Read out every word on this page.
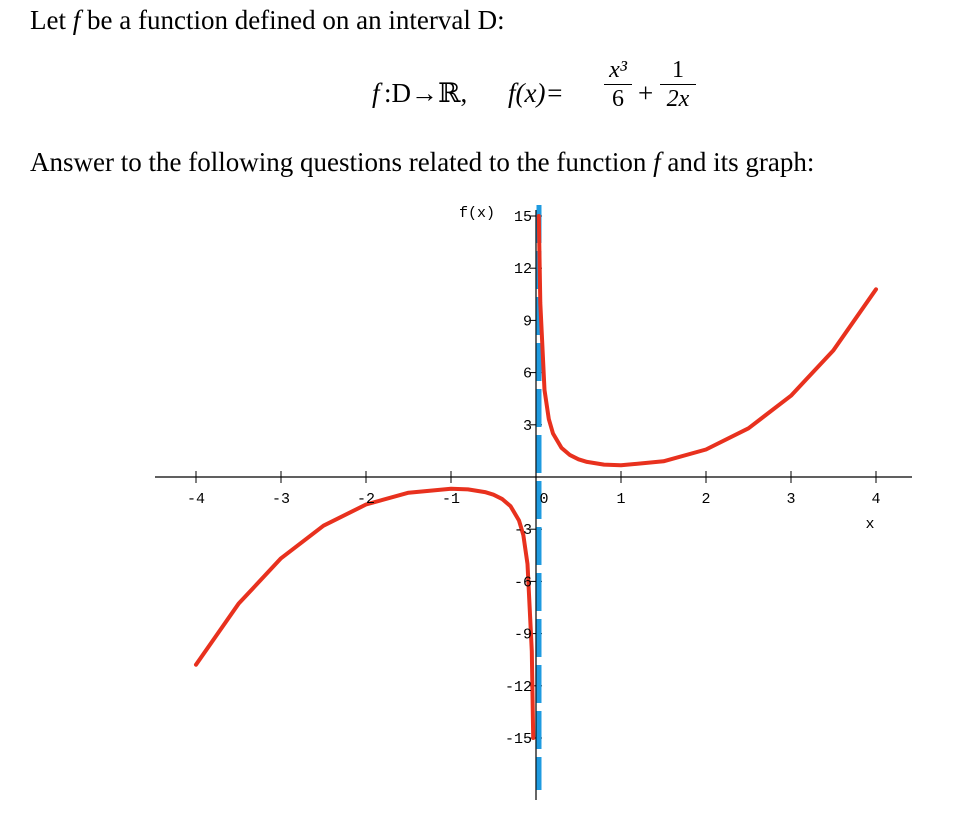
Let f be a function defined on an interval D:
f :D→ℝ, f(x)=
x³
6 +
1
2x
Answer to the following questions related to the function f and its graph:
-4	-3	-2	-1	0	1	2	3	4
15
12
9
6
3
-3
-6
-9
-12
-15
f(x)
x
